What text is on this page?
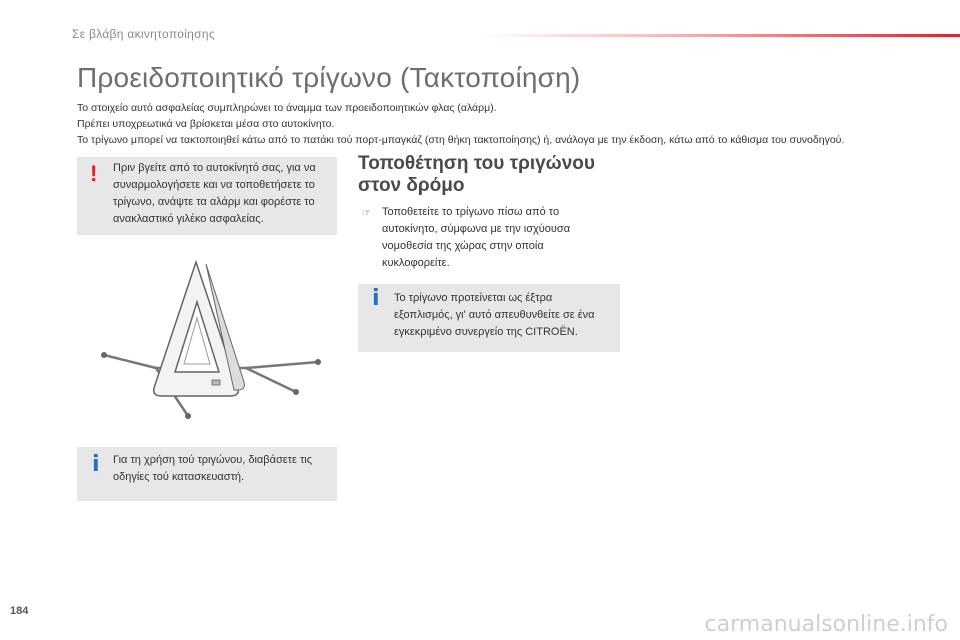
Σε βλάβη ακινητοποίησης
Προειδοποιητικό τρίγωνο (Τακτοποίηση)

Το στοιχείο αυτό ασφαλείας συμπληρώνει το άναμμα των προειδοποιητικών φλας (αλάρμ).

Πρέπει υποχρεωτικά να βρίσκεται μέσα στο αυτοκίνητο.

Το τρίγωνο μπορεί να τακτοποιηθεί κάτω από το πατάκι τού πορτ-μπαγκάζ (στη θήκη τακτοποίησης) ή, ανάλογα με την έκδοση, κάτω από το κάθισμα του συνοδηγού.

! Πριν βγείτε από το αυτοκίνητό σας, για να συναρμολογήσετε και να τοποθετήσετε το τρίγωνο, ανάψτε τα αλάρμ και φορέστε το ανακλαστικό γιλέκο ασφαλείας.
i Για τη χρήση τού τριγώνου, διαβάσετε τις οδηγίες τού κατασκευαστή.
Τοποθέτηση του τριγώνου στον δρόμο
☞	Τοποθετείτε το τρίγωνο πίσω από το αυτοκίνητο, σύμφωνα με την ισχύουσα νομοθεσία της χώρας στην οποία κυκλοφορείτε.
i Το τρίγωνο προτείνεται ως έξτρα εξοπλισμός, γι' αυτό απευθυνθείτε σε ένα εγκεκριμένο συνεργείο της CITROËN.
184
carmanualsonline.info
